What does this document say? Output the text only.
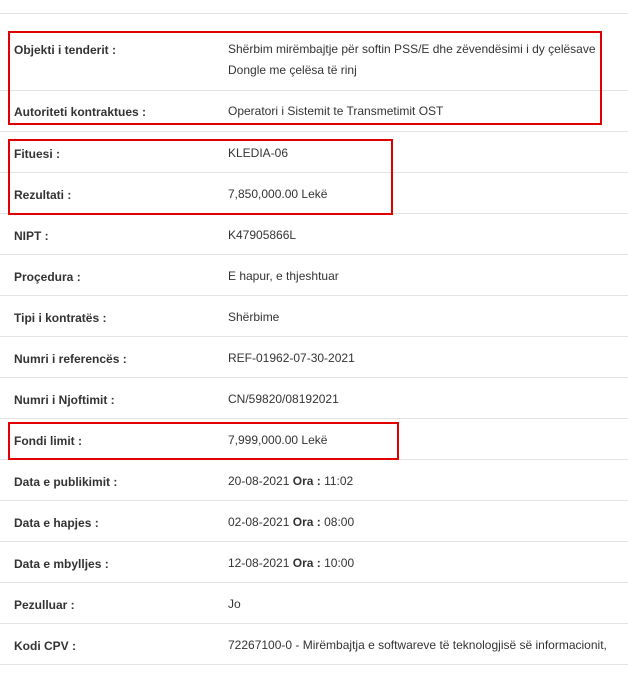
Objekti i tenderit :	Shërbim mirëmbajtje për softin PSS/E dhe zëvendësimi i dy çelësave Dongle me çelësa të rinj
Autoriteti kontraktues :	Operatori i Sistemit te Transmetimit OST
Fituesi :	KLEDIA-06
Rezultati :	7,850,000.00 Lekë
NIPT :	K47905866L
Proçedura :	E hapur, e thjeshtuar
Tipi i kontratës :	Shërbime
Numri i referencës :	REF-01962-07-30-2021
Numri i Njoftimit :	CN/59820/08192021
Fondi limit :	7,999,000.00 Lekë
Data e publikimit :	20-08-2021 Ora : 11:02
Data e hapjes :	02-08-2021 Ora : 08:00
Data e mbylljes :	12-08-2021 Ora : 10:00
Pezulluar :	Jo
Kodi CPV :	72267100-0 - Mirëmbajtja e softwareve të teknologjisë së informacionit,
